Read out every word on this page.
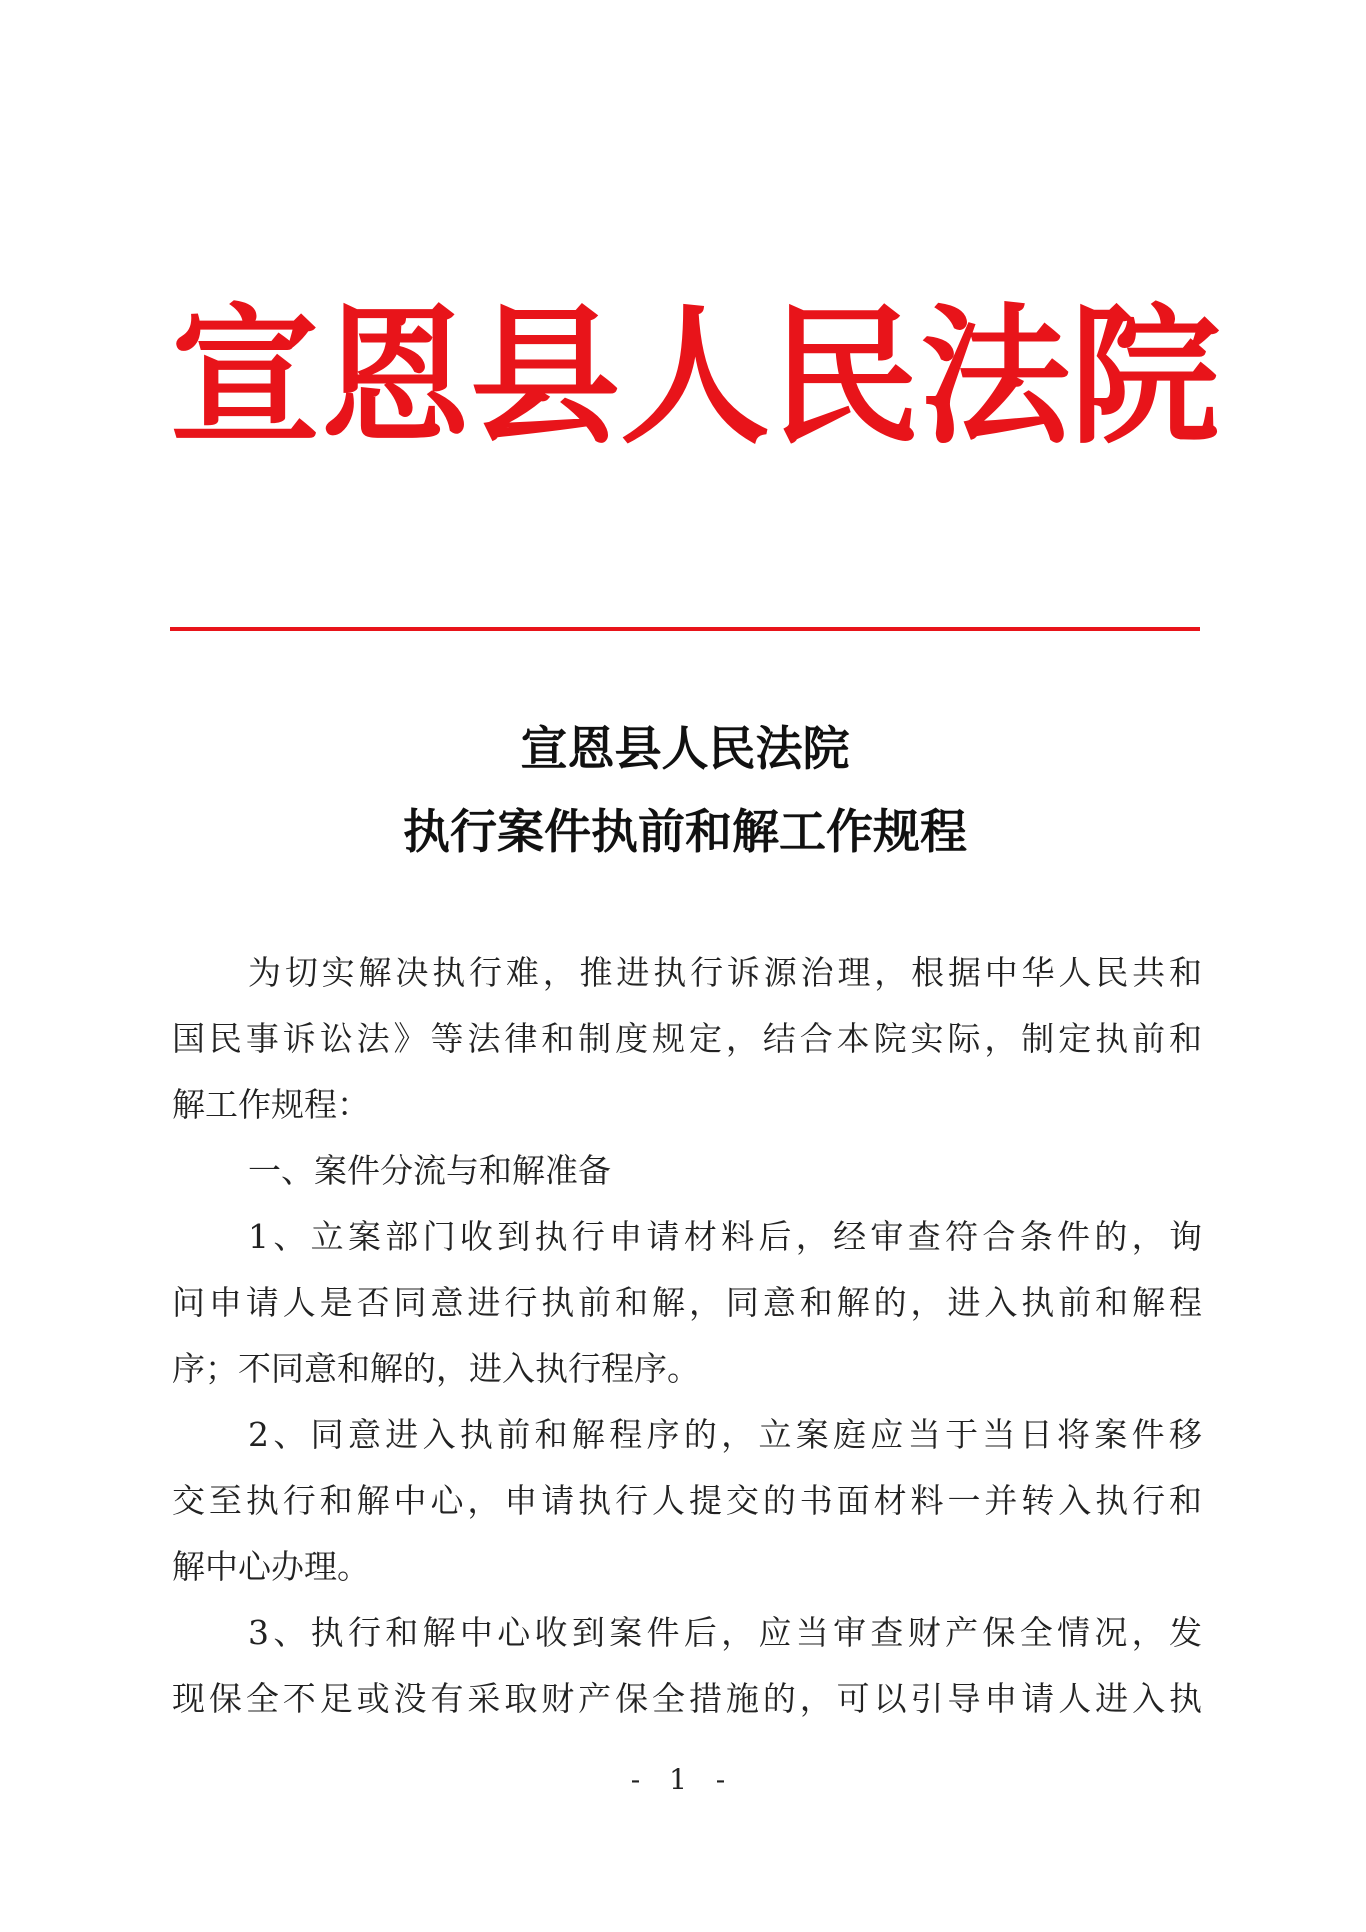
宣恩县人民法院
宣恩县人民法院
执行案件执前和解工作规程
为切实解决执行难，推进执行诉源治理，根据中华人民共和
国民事诉讼法》等法律和制度规定，结合本院实际，制定执前和
解工作规程：
一、案件分流与和解准备
1、立案部门收到执行申请材料后，经审查符合条件的，询
问申请人是否同意进行执前和解，同意和解的，进入执前和解程
序；不同意和解的，进入执行程序。
2、同意进入执前和解程序的，立案庭应当于当日将案件移
交至执行和解中心，申请执行人提交的书面材料一并转入执行和
解中心办理。
3、执行和解中心收到案件后，应当审查财产保全情况，发
现保全不足或没有采取财产保全措施的，可以引导申请人进入执
- 1 -
